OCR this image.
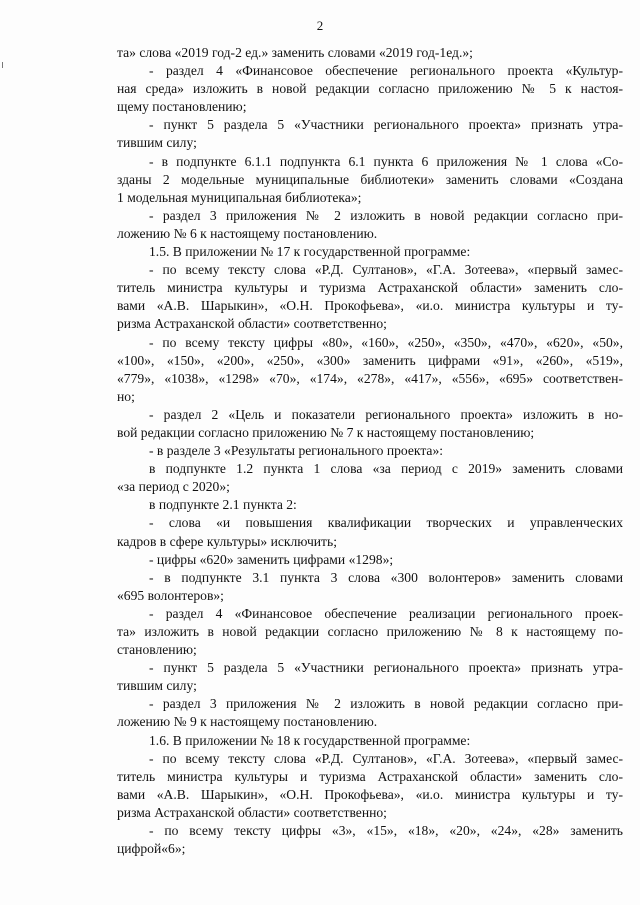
2
та» слова «2019 год-2 ед.» заменить словами «2019 год-1ед.»;
- раздел 4 «Финансовое обеспечение регионального проекта «Культур-
ная среда» изложить в новой редакции согласно приложению № 5 к настоя-
щему постановлению;
- пункт 5 раздела 5 «Участники регионального проекта» признать утра-
тившим силу;
- в подпункте 6.1.1 подпункта 6.1 пункта 6 приложения № 1 слова «Со-
зданы 2 модельные муниципальные библиотеки» заменить словами «Создана
1 модельная муниципальная библиотека»;
- раздел 3 приложения № 2 изложить в новой редакции согласно при-
ложению № 6 к настоящему постановлению.
1.5. В приложении № 17 к государственной программе:
- по всему тексту слова «Р.Д. Султанов», «Г.А. Зотеева», «первый замес-
титель министра культуры и туризма Астраханской области» заменить сло-
вами «А.В. Шарыкин», «О.Н. Прокофьева», «и.о. министра культуры и ту-
ризма Астраханской области» соответственно;
- по всему тексту цифры «80», «160», «250», «350», «470», «620», «50»,
«100», «150», «200», «250», «300» заменить цифрами «91», «260», «519»,
«779», «1038», «1298» «70», «174», «278», «417», «556», «695» соответствен-
но;
- раздел 2 «Цель и показатели регионального проекта» изложить в но-
вой редакции согласно приложению № 7 к настоящему постановлению;
- в разделе 3 «Результаты регионального проекта»:
в подпункте 1.2 пункта 1 слова «за период с 2019» заменить словами
«за период с 2020»;
в подпункте 2.1 пункта 2:
- слова «и повышения квалификации творческих и управленческих
кадров в сфере культуры» исключить;
- цифры «620» заменить цифрами «1298»;
- в подпункте 3.1 пункта 3 слова «300 волонтеров» заменить словами
«695 волонтеров»;
- раздел 4 «Финансовое обеспечение реализации регионального проек-
та» изложить в новой редакции согласно приложению № 8 к настоящему по-
становлению;
- пункт 5 раздела 5 «Участники регионального проекта» признать утра-
тившим силу;
- раздел 3 приложения № 2 изложить в новой редакции согласно при-
ложению № 9 к настоящему постановлению.
1.6. В приложении № 18 к государственной программе:
- по всему тексту слова «Р.Д. Султанов», «Г.А. Зотеева», «первый замес-
титель министра культуры и туризма Астраханской области» заменить сло-
вами «А.В. Шарыкин», «О.Н. Прокофьева», «и.о. министра культуры и ту-
ризма Астраханской области» соответственно;
- по всему тексту цифры «3», «15», «18», «20», «24», «28» заменить
цифрой«6»;
